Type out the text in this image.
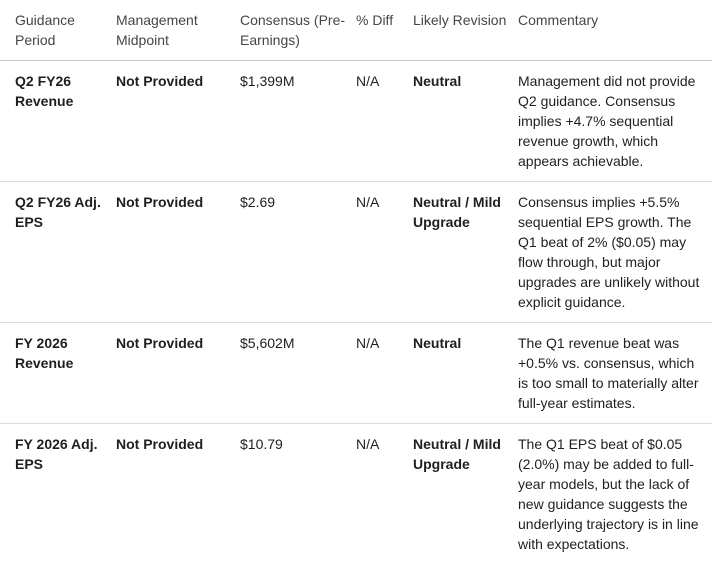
Guidance Period	Management Midpoint	Consensus (Pre-Earnings)	% Diff	Likely Revision	Commentary
Q2 FY26 Revenue	Not Provided	$1,399M	N/A	Neutral	Management did not provide Q2 guidance. Consensus implies +4.7% sequential revenue growth, which appears achievable.
Q2 FY26 Adj. EPS	Not Provided	$2.69	N/A	Neutral / Mild Upgrade	Consensus implies +5.5% sequential EPS growth. The Q1 beat of 2% ($0.05) may flow through, but major upgrades are unlikely without explicit guidance.
FY 2026 Revenue	Not Provided	$5,602M	N/A	Neutral	The Q1 revenue beat was +0.5% vs. consensus, which is too small to materially alter full-year estimates.
FY 2026 Adj. EPS	Not Provided	$10.79	N/A	Neutral / Mild Upgrade	The Q1 EPS beat of $0.05 (2.0%) may be added to full-year models, but the lack of new guidance suggests the underlying trajectory is in line with expectations.
